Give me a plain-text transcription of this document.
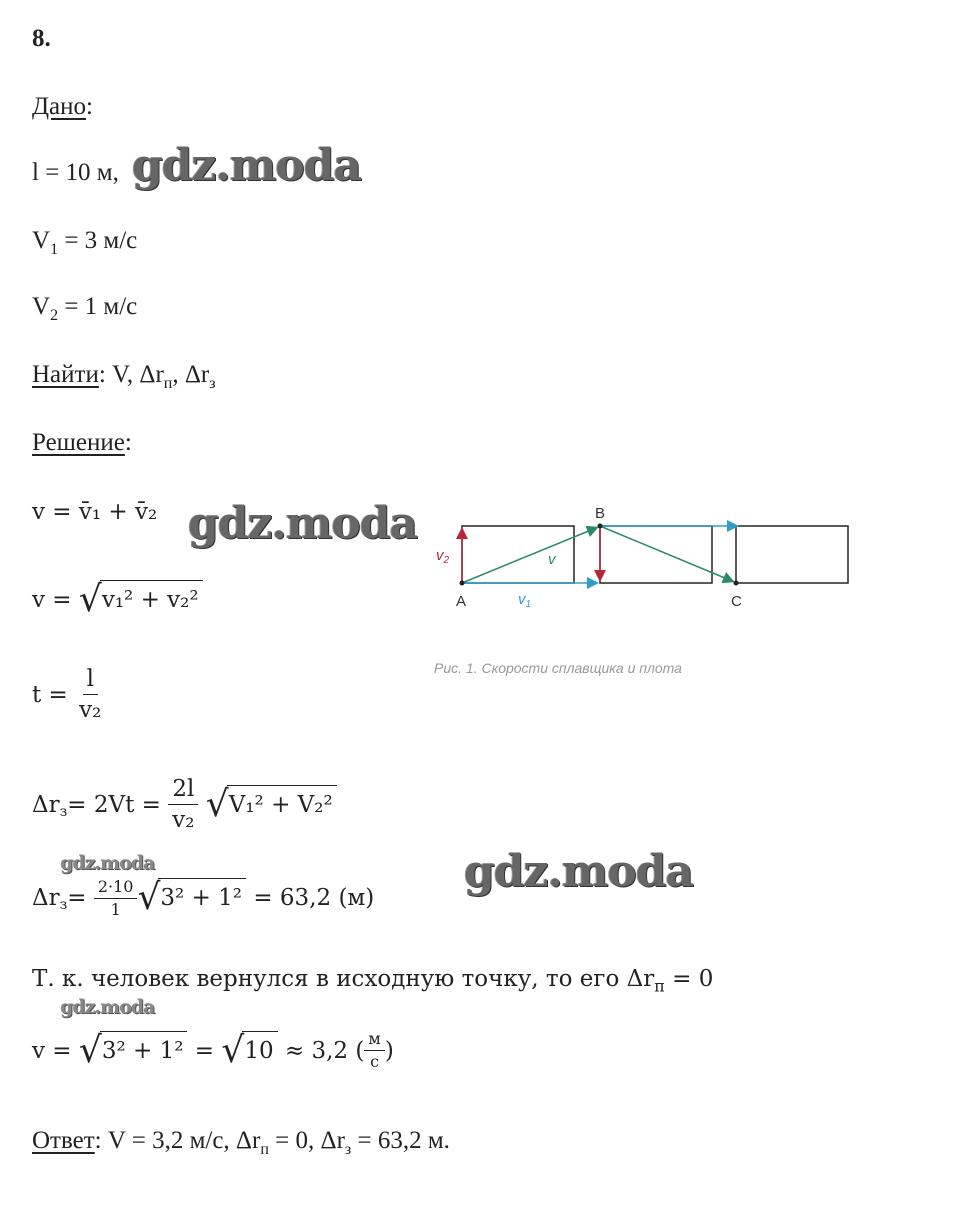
8.
Дано:
l = 10 м, gdz.moda
$V_1 = 3$ м/с
$V_2 = 1$ м/с
Найти: V, $\Delta r_п$, $\Delta r_з$
Решение:
v = v̄₁ + v̄₂ gdz.moda
v =
√ v₁² + v₂²
t =
$\frac{l}{\text{v₂}}$
$\Delta r_з = 2Vt$ =
$\frac{2l}{\text{v₂}}$
√ V₁² + V₂²
gdz.moda
$\Delta r_з$ =
$\frac{2\cdot 10}{1}$ √ 3² + 1²
= 63,2 (м)
gdz.moda
Т. к. человек вернулся в исходную точку, то его $\Delta r_п = 0$
gdz.moda
v =
√ 3² + 1²
=
√ 10
≈ 3,2 ( $\frac{м}{с}$ )
Ответ: V = 3,2 м/с, $\Delta r_п = 0$, $\Delta r_з = 63,2$ м.
A
B
C
$v_2$	v
$v_1$
Рис. 1. Скорости сплавщика и плота
